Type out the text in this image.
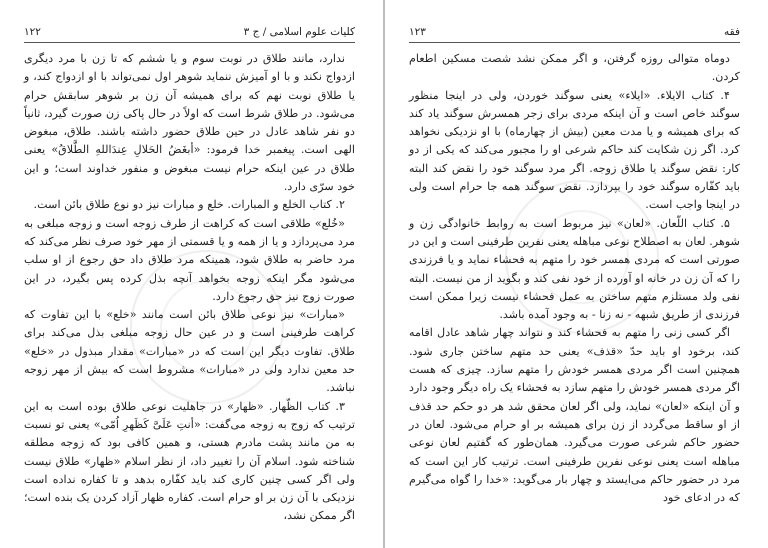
کلیات علوم اسلامی / ج ۳
۱۲۲

ندارد، مانند طلاق در نوبت سوم و یا ششم که تا زن با مرد دیگری ازدواج نکند و با او آمیزش ننماید شوهر اول نمی‌تواند با او ازدواج کند، و یا طلاق نوبت نهم که برای همیشه آن زن بر شوهر سابقش حرام می‌شود. در طلاق شرط است که اولاً در حال پاکی زن صورت گیرد، ثانیاً دو نفر شاهد عادل در حین طلاق حضور داشته باشند. طلاق، مبغوض الهی است. پیغمبر خدا فرمود: «أبغَضُ الحَلالِ عِندَاللهِ الطَّلاقُ» یعنی طلاق در عین اینکه حرام نیست مبغوض و منفور خداوند است؛ و این خود سرّی دارد.

۲. کتاب الخلع و المبارات. خلع و مبارات نیز دو نوع طلاق بائن است.

«خُلع» طلاقی است که کراهت از طرف زوجه است و زوجه مبلغی به مرد می‌پردازد و یا از همه و یا قسمتی از مهر خود صرف نظر می‌کند که مرد حاضر به طلاق شود، همینکه مرد طلاق داد حق رجوع از او سلب می‌شود مگر اینکه زوجه بخواهد آنچه بذل کرده پس بگیرد، در این صورت زوج نیز حق رجوع دارد.

«مبارات» نیز نوعی طلاق بائن است مانند «خلع» با این تفاوت که کراهت طرفینی است و در عین حال زوجه مبلغی بذل می‌کند برای طلاق. تفاوت دیگر این است که در «مبارات» مقدار مبذول در «خلع» حد معین ندارد ولی در «مبارات» مشروط است که بیش از مهر زوجه نباشد.

۳. کتاب الظّهار. «ظهار» در جاهلیت نوعی طلاق بوده است به این ترتیب که زوج به زوجه می‌گفت: «أنتِ عَلَیَّ کَظَهرِ اُمّی» یعنی تو نسبت به من مانند پشت مادرم هستی، و همین کافی بود که زوجه مطلقه شناخته شود. اسلام آن را تغییر داد، از نظر اسلام «ظهار» طلاق نیست ولی اگر کسی چنین کاری کند باید کفّاره بدهد و تا کفاره نداده است نزدیکی با آن زن بر او حرام است. کفاره ظهار آزاد کردن یک بنده است؛ اگر ممکن نشد،

فقه
۱۲۳

دوماه متوالی روزه گرفتن، و اگر ممکن نشد شصت مسکین اطعام کردن.

۴. کتاب الایلاء. «ایلاء» یعنی سوگند خوردن، ولی در اینجا منظور سوگند خاص است و آن اینکه مردی برای زجر همسرش سوگند یاد کند که برای همیشه و یا مدت معین (بیش از چهارماه) با او نزدیکی نخواهد کرد. اگر زن شکایت کند حاکم شرعی او را مجبور می‌کند که یکی از دو کار: نقض سوگند یا طلاق زوجه. اگر مرد سوگند خود را نقض کند البته باید کفّاره سوگند خود را بپردازد. نقض سوگند همه جا حرام است ولی در اینجا واجب است.

۵. کتاب اللّعان. «لعان» نیز مربوط است به روابط خانوادگی زن و شوهر. لعان به اصطلاح نوعی مباهله یعنی نفرین طرفینی است و این در صورتی است که مردی همسر خود را متهم به فحشاء نماید و یا فرزندی را که آن زن در خانه او آورده از خود نفی کند و بگوید از من نیست. البته نفی ولد مستلزم متهم ساختن به عمل فحشاء نیست زیرا ممکن است فرزندی از طریق شبهه - نه زنا - به وجود آمده باشد.

اگر کسی زنی را متهم به فحشاء کند و نتواند چهار شاهد عادل اقامه کند، برخود او باید حدّ «قذف» یعنی حد متهم ساختن جاری شود. همچنین است اگر مردی همسر خودش را متهم سازد. چیزی که هست اگر مردی همسر خودش را متهم سازد به فحشاء یک راه دیگر وجود دارد و آن اینکه «لعان» نماید، ولی اگر لعان محقق شد هر دو حکم حد قذف از او ساقط می‌گردد از زن برای همیشه بر او حرام می‌شود. لعان در حضور حاکم شرعی صورت می‌گیرد. همان‌طور که گفتیم لعان نوعی مباهله است یعنی نوعی نفرین طرفینی است. ترتیب کار این است که مرد در حضور حاکم می‌ایستد و چهار بار می‌گوید: «خدا را گواه می‌گیرم که در ادعای خود
